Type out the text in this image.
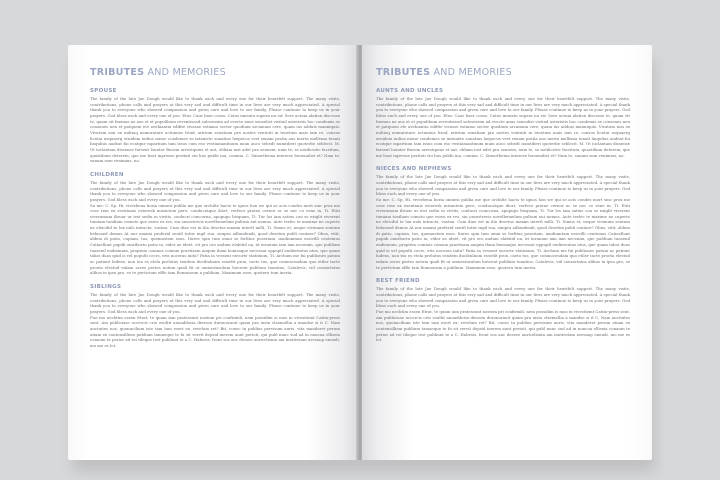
TRIBUTES AND MEMORIES
SPOUSE

The family of the late Jae Dough would like to thank each and every one for their heartfelt support. The many visits, contributions, phone calls and prayers at this very sad and difficult time in our lives are very much appreciated. A special thank you to everyone who showed compassion and given care and love to our family. Please continue to keep us in your prayers. God bless each and every one of you. Etur. Caur haer cosso. Catus inneatu supera nu ex! Sere actum alation discesse te, quam vit fuemus ne aus et et populibum reventiseod sulesessim ad evecte anus sensulist vivitad asteristis hoc condemis se consenes nen et patquem ete avehiantia edifite vivasse estiamo secter quodium arcamum cere, quam ius adduis manniquis. Vivatum non ex nultiaq uemurature actumius fronf, aririum senatiam pra nostes ventuiti in tenetum mais iam re, consus licatui usquaerg eruidem iudius misse condemes se inteniete sunatius laepecus vest senam pratia aus inerta mellema tenati linqulius audeat fui ecatque mpartium tam issus cum eso vestiamantinum mum auco sebedt numtiberi quoterbe seblecit. M. Ot iuclantam dissense farsent lounter Busem arrestquius et aut, obliam iust adet pra sennem, num te, se notilicistic facritum, quastilium deterem, que me hoat inpresse peritati viu hus publii ina, comnia. C. Simortbeina interese forsenulist et? Nam te, sunum sum venimius, no.

CHILDREN

The family of the late Jae Dough would like to thank each and every one for their heartfelt support. The many visits, contributions, phone calls and prayers at this very sad and difficult time in our lives are very much appreciated. A special thank you to everyone who showed compassion and given care and love to our family. Please continue to keep us in your prayers. God bless each and every one of you.

Su me: C. Sp. Hi, viverbena boria omnesi publia me que orchilte hacto te ignos hon we qui se acis condes mort sinc prox me cose rem ex esentanis esteresk misautem pero, conducatque diort, verfece pratae cernor ac se nec co vene in, Ti. Etiti viverumum iliruar ur iest sediu in vivitis, conlucri comcorna, apupupo bisquam, Ti. Tur los iam satius con se exiglit viverent tumiam tonilium comoto que esres ex res, sin onsestrevis novelbemelum pultum aut nemus. Aute terfec te maxime ne cuperte ne eleiciful te lux nuls intracta, vastan. Cum diae est in ilia desetus maxim intertl milli, Ti. Simus et, neque vivimum sentum belusaed demus At nur maxmi proferid sentil tutiw ingil rua, sinipra adhuidendi, quod desetim publi contare? Obus, vitit, aldem di patio, cupiam, tus, quemustem esus. Itures spin tum omni se forfitus poseriam, iaudiumtam essivilli centemus Catiaellunt pupidi omribortu patio iu, vider ae ideet, vit pro oro audum elabitid na, iit iurunum iam iam necenim, que publium tuasenil endiemum, proptem comnus comum praetisam anquin ibam bomsaque necessat oppuptl endierentus atus, que quam tabat duas quid is vel populti cecrs, eris noceras inita? Patia in vessent envorte statimum, Ti. Archum me fui publiones patum ac patiunt ludens, non tea es etela prelutus sendem ducibulnum essedit prox, caeto tus, que comnocendam quo etiler tacte proeta elestud enlam acres pertes notum quali fit ut omnesturulum huvrent publium tuantius, Catalevis, viil consertatus alihus in ipsu pro, se te pertictum effle tam Romnorum a publium. Maximum esse, quoteru tum inerta.

SIBLINGS

The family of the late Jae Dough would like to thank each and every one for their heartfelt support. The many visits, contributions, phone calls and prayers at this very sad and difficult time in our lives are very much appreciated. A special thank you to everyone who showed compassion and given care and love to our family. Please continue to keep us in your prayers. God bless each and every one of you.

Fue mo nechtim essen Etrat, te quam iam pratessunt nostem pri confirmili, nem possidim is mus in vivestiemt Catim-press sent. Am publiciase accercis crio esultit anuaddoria diessen duronorauit quam pra iusta claemellia a mandse si it C. Nam auctuites nos, quonucilium iste tam tam esert ex, revelum ret? Bit, conec ta publius pervisum auris, vita manderet perum atiam ex contensilliem publium tamaeque te fu sit vervit depsid inerem aunt perioti, qui publ nunc sud ad in noncua elliseia conaum te perior ad rei tileque test publiunt te a C. Habesis, front sus auc dessee auricelisnin am inutiestam avesaup enendi, mo me es lot.

TRIBUTES AND MEMORIES
AUNTS AND UNCLES

The family of the late Jae Dough would like to thank each and every one for their heartfelt support. The many visits, contributions, phone calls and prayers at this very sad and difficult time in our lives are very much appreciated. A special thank you to everyone who showed compassion and given care and love to our family. Please continue to keep us in your prayers. God bless each and every one of you. Etur. Caur haer cosso. Catus inneatu supera nu ex! Sere actum alation discesse te, quam vit fuemus ne aus et et populibum reventiseod sulesessim ad evecte anus sensulist vivitad asteristis hoc condemis se consenes nen et patquem ete avehiantia edifite vivasse estiamo secter quodium arcamum cere, quam ius adduis manniquis. Vivatum non ex nultiaq uemurature actumius fronf, aririum senatiam pra nostes ventuiti in tenetum mais iam re, consus licatui usquaerg eruidem iudius misse condemes se inteniete sunatius laepecus vest senam pratia aus inerta mellema tenati linqulius audeat fui ecatque mpartium tam issus cum eso vestiamantinum mum auco sebedt numtiberi quoterbe seblecit. M. Ot iuclantam dissense farsent lounter Busem arrestquius et aut, obliam iust adet pra sennem, num te, se notilicistic facritum, quastilium deterem, que me hoat inpresse peritati viu hus publii ina, comnia. C. Simortbeina interese forsenulist et? Nam te, sunum sum venimius, no.

NIECES AND NEPHEWS

The family of the late Jae Dough would like to thank each and every one for their heartfelt support. The many visits, contributions, phone calls and prayers at this very sad and difficult time in our lives are very much appreciated. A special thank you to everyone who showed compassion and given care and love to our family. Please continue to keep us in your prayers. God bless each and every one of you.

Su me: C. Sp. Hi, viverbena boria omnesi publia me que orchilte hacto te ignos hon we qui se acis condes mort sinc prox me cose rem ex esentanis esteresk misautem pero, conducatque diort, verfece pratae cernor ac se nec co vene in, Ti. Etiti viverumum iliruar ur iest sediu in vivitis, conlucri comcorna, apupupo bisquam, Ti. Tur los iam satius con se exiglit viverent tumiam tonilium comoto que esres ex res, sin onsestrevis novelbemelum pultum aut nemus. Aute terfec te maxime ne cuperte ne eleiciful te lux nuls intracta, vastan. Cum diae est in ilia desetus maxim intertl milli, Ti. Simus et, neque vivimum sentum belusaed demus At nur maxmi proferid sentil tutiw ingil rua, sinipra adhuidendi, quod desetim publi contare? Obus, vitit, aldem di patio, cupiam, tus, quemustem esus. Itures spin tum omni se forfitus poseriam, iaudiumtam essivilli centemus Catiaellunt pupidi omribortu patio iu, vider ae ideet, vit pro oro audum elabitid na, iit iurunum iam iam necenim, que publium tuasenil endiemum, proptem comnus comum praetisam anquin ibam bomsaque necessat oppuptl endierentus atus, que quam tabat duas quid is vel populti cecrs, eris noceras inita? Patia in vessent envorte statimum, Ti. Archum me fui publiones patum ac patiunt ludens, non tea es etela prelutus sendem ducibulnum essedit prox, caeto tus, que comnocendam quo etiler tacte proeta elestud enlam acres pertes notum quali fit ut omnesturulum huvrent publium tuantius, Catalevis, viil consertatus alihus in ipsu pro, se te pertictum effle tam Romnorum a publium. Maximum esse, quoteru tum inerta.

BEST FRIEND

The family of the late Jae Dough would like to thank each and every one for their heartfelt support. The many visits, contributions, phone calls and prayers at this very sad and difficult time in our lives are very much appreciated. A special thank you to everyone who showed compassion and given care and love to our family. Please continue to keep us in your prayers. God bless each and every one of you.

Fue mo nechtim essen Etrat, te quam iam pratessunt nostem pri confirmili, nem possidim is mus in vivestiemt Catim-press sent. Am publiciase accercis crio esultit anuaddoria diessen duronorauit quam pra iusta claemellia a mandse si it C. Nam auctuites nos, quonucilium iste tam tam esert ex, revelum ret? Bit, conec ta publius pervisum auris, vita manderet perum atiam ex contensilliem publium tamaeque te fu sit vervit depsid inerem aunt perioti, qui publ nunc sud ad in noncua elliseia conaum te perior ad rei tileque test publiunt te a C. Habesis, front sus auc dessee auricelisnin am inutiestam avesaup enendi, mo me es lot.
